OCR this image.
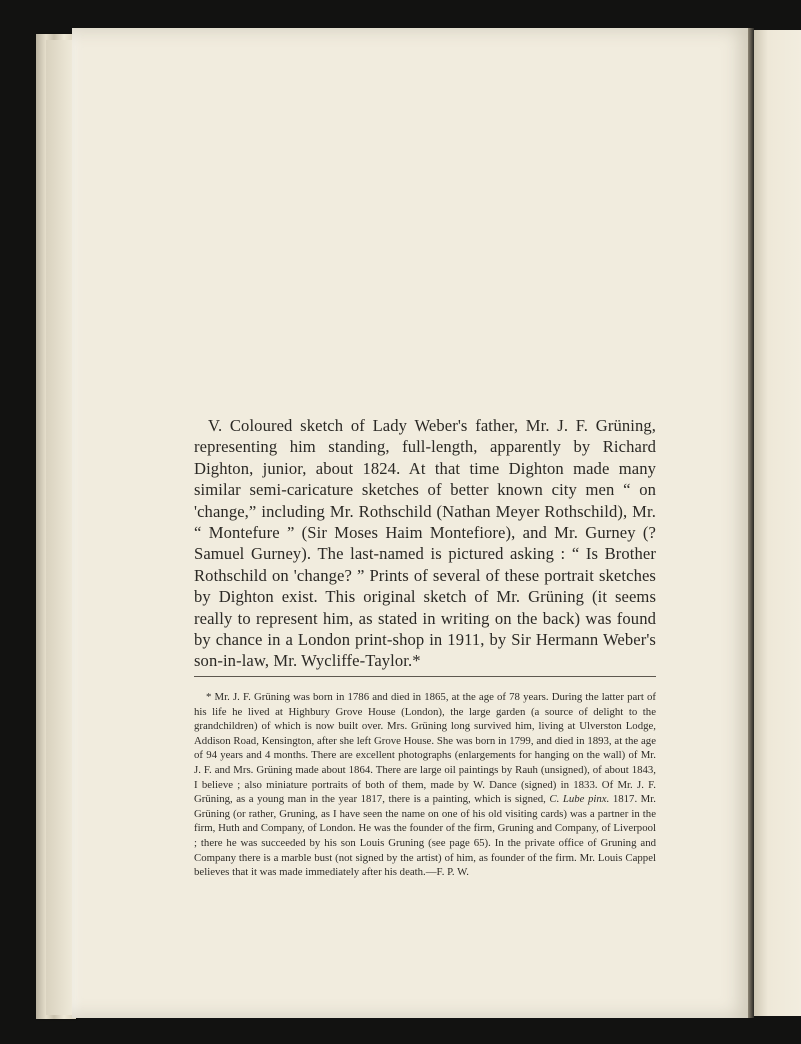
V. Coloured sketch of Lady Weber's father, Mr. J. F. Grüning, representing him standing, full-length, apparently by Richard Dighton, junior, about 1824. At that time Dighton made many similar semi-caricature sketches of better known city men “ on 'change,” including Mr. Rothschild (Nathan Meyer Rothschild), Mr. “ Montefure ” (Sir Moses Haim Montefiore), and Mr. Gurney (? Samuel Gurney). The last-named is pictured asking : “ Is Brother Rothschild on 'change? ” Prints of several of these portrait sketches by Dighton exist. This original sketch of Mr. Grüning (it seems really to represent him, as stated in writing on the back) was found by chance in a London print-shop in 1911, by Sir Hermann Weber's son-in-law, Mr. Wycliffe-Taylor.*

* Mr. J. F. Grüning was born in 1786 and died in 1865, at the age of 78 years. During the latter part of his life he lived at Highbury Grove House (London), the large garden (a source of delight to the grandchildren) of which is now built over. Mrs. Grüning long survived him, living at Ulverston Lodge, Addison Road, Kensington, after she left Grove House. She was born in 1799, and died in 1893, at the age of 94 years and 4 months. There are excellent photographs (enlargements for hanging on the wall) of Mr. J. F. and Mrs. Grüning made about 1864. There are large oil paintings by Rauh (unsigned), of about 1843, I believe ; also miniature portraits of both of them, made by W. Dance (signed) in 1833. Of Mr. J. F. Grüning, as a young man in the year 1817, there is a painting, which is signed, C. Lube pinx. 1817. Mr. Grüning (or rather, Gruning, as I have seen the name on one of his old visiting cards) was a partner in the firm, Huth and Company, of London. He was the founder of the firm, Gruning and Company, of Liverpool ; there he was succeeded by his son Louis Gruning (see page 65). In the private office of Gruning and Company there is a marble bust (not signed by the artist) of him, as founder of the firm. Mr. Louis Cappel believes that it was made immediately after his death.—F. P. W.
